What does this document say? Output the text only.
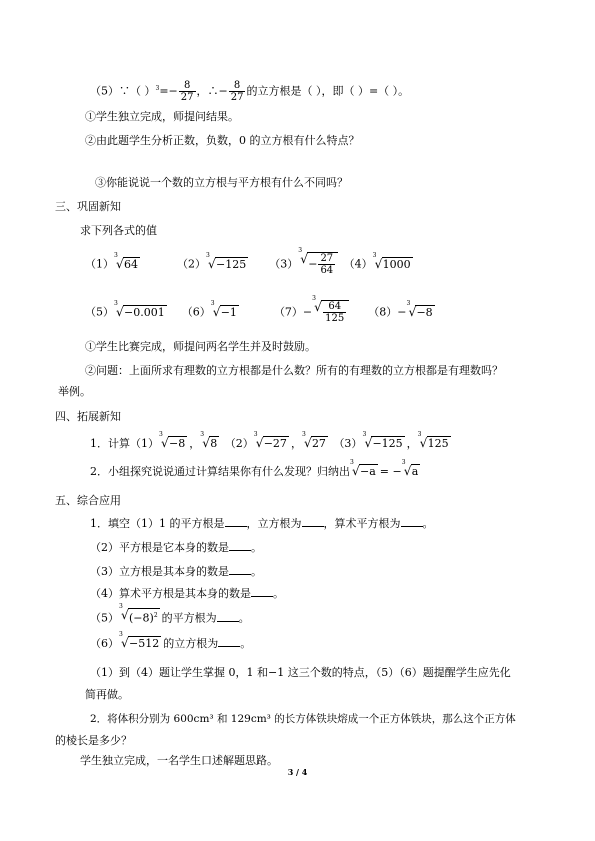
（5）∵（ ）$^3=- \frac{8}{27}$ ，∴− $\frac{8}{27}$ 的立方根是（ ），即（ ）=（ ）。
①学生独立完成，师提问结果。
②由此题学生分析正数，负数，0 的立方根有什么特点？
③你能说说一个数的立方根与平方根有什么不同吗？
三、巩固新知
求下列各式的值
（1）
3
√ 64	（2）
3
√ −125 （3）
3
√ − $\frac{27}{64} (4)$
3
√ 1000
（5）
3
√ −0.001 （6）
3
√ −1	（7）−
3
√ $\frac{64}{125} (8)-$
3
√ −8
①学生比赛完成，师提问两名学生并及时鼓励。
②问题：上面所求有理数的立方根都是什么数？所有的有理数的立方根都是有理数吗？
举例。
四、拓展新知
1．计算（1）
3
√ −8 ，
3
√ 8 （2）
3
√ −27 ，
3
√ 27 （3）
3
√ −125 ，
3
√ 125
2．小组探究说说通过计算结果你有什么发现？归纳出
3
√ −a = −
3
√ a
五、综合应用
1．填空（1）1 的平方根是 ，立方根为 ，算术平方根为 。
（2）平方根是它本身的数是 。
（3）立方根是其本身的数是 。
（4）算术平方根是其本身的数是 。
（5）
3
√ $(-8)^2$ 的平方根为 。
（6）
3
√ −512 的立方根为 。
（1）到（4）题让学生掌握 0，1 和−1 这三个数的特点，（5）（6）题提醒学生应先化
简再做。
2．将体积分别为 600cm³ 和 129cm³ 的长方体铁块熔成一个正方体铁块，那么这个正方体
的棱长是多少？
学生独立完成，一名学生口述解题思路。
3 / 4
